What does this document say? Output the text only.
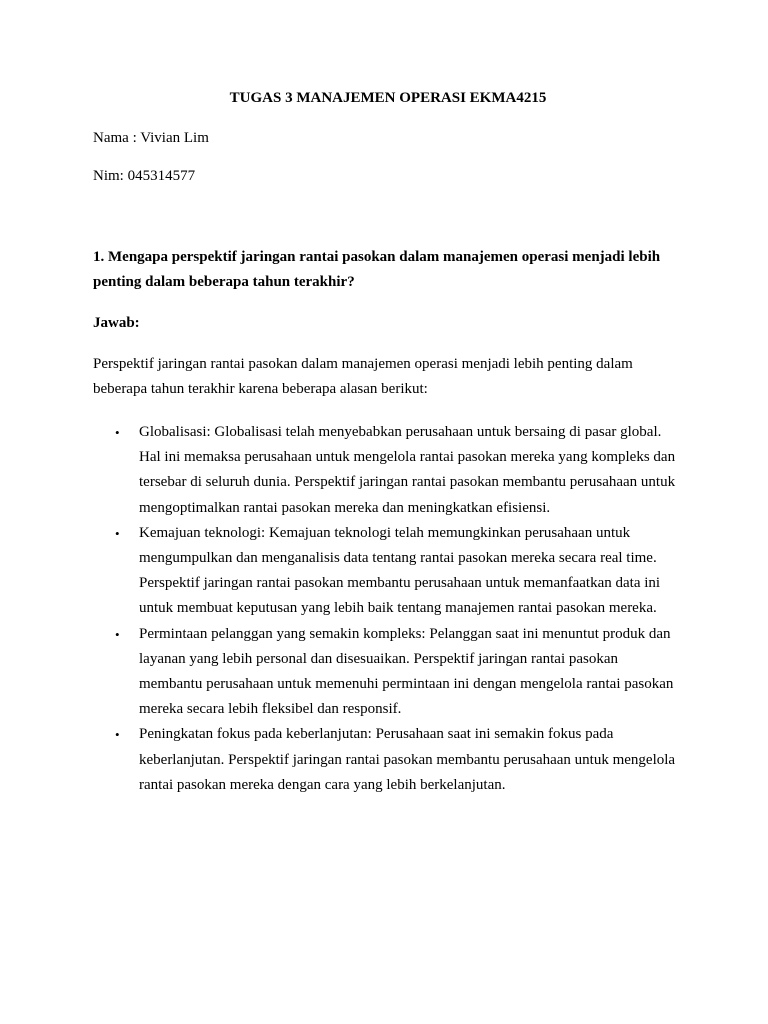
TUGAS 3 MANAJEMEN OPERASI EKMA4215
Nama : Vivian Lim
Nim: 045314577
1. Mengapa perspektif jaringan rantai pasokan dalam manajemen operasi menjadi lebih penting dalam beberapa tahun terakhir?
Jawab:
Perspektif jaringan rantai pasokan dalam manajemen operasi menjadi lebih penting dalam beberapa tahun terakhir karena beberapa alasan berikut:
• Globalisasi: Globalisasi telah menyebabkan perusahaan untuk bersaing di pasar global. Hal ini memaksa perusahaan untuk mengelola rantai pasokan mereka yang kompleks dan tersebar di seluruh dunia. Perspektif jaringan rantai pasokan membantu perusahaan untuk mengoptimalkan rantai pasokan mereka dan meningkatkan efisiensi.
• Kemajuan teknologi: Kemajuan teknologi telah memungkinkan perusahaan untuk mengumpulkan dan menganalisis data tentang rantai pasokan mereka secara real time. Perspektif jaringan rantai pasokan membantu perusahaan untuk memanfaatkan data ini untuk membuat keputusan yang lebih baik tentang manajemen rantai pasokan mereka.
• Permintaan pelanggan yang semakin kompleks: Pelanggan saat ini menuntut produk dan layanan yang lebih personal dan disesuaikan. Perspektif jaringan rantai pasokan membantu perusahaan untuk memenuhi permintaan ini dengan mengelola rantai pasokan mereka secara lebih fleksibel dan responsif.
• Peningkatan fokus pada keberlanjutan: Perusahaan saat ini semakin fokus pada keberlanjutan. Perspektif jaringan rantai pasokan membantu perusahaan untuk mengelola rantai pasokan mereka dengan cara yang lebih berkelanjutan.
